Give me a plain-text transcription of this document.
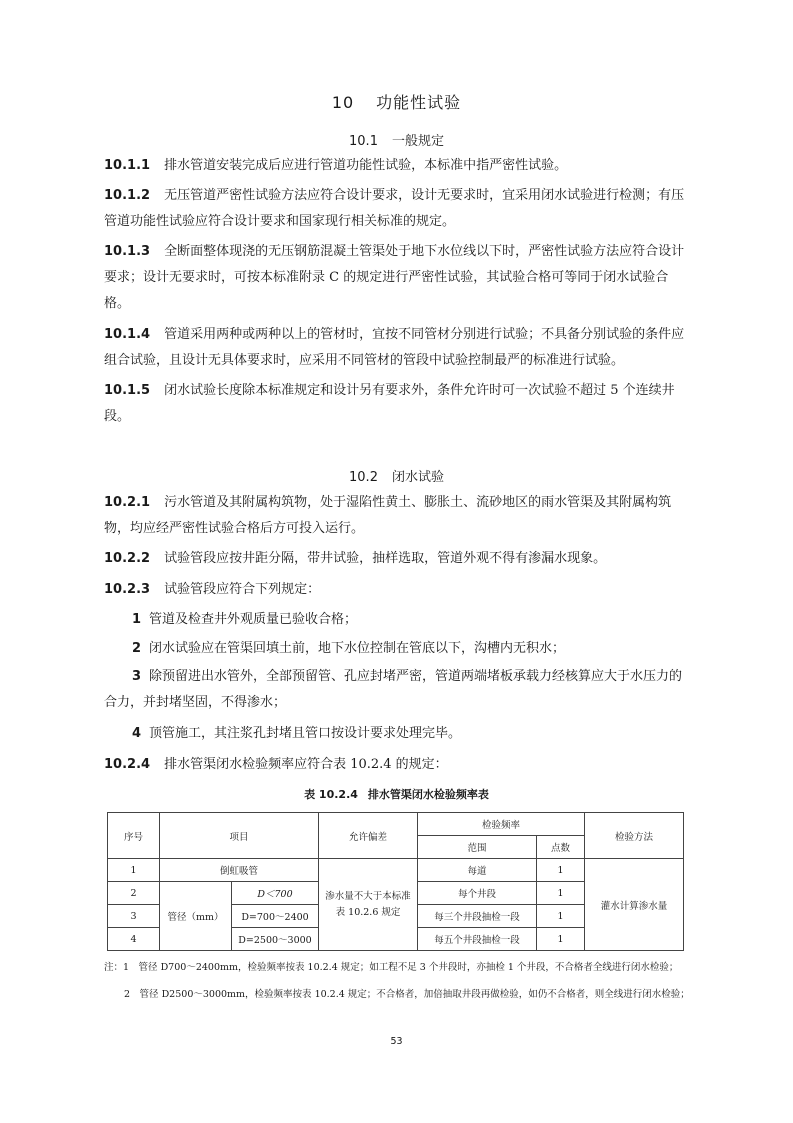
10 功能性试验
10.1 一般规定

10.1.1 排水管道安装完成后应进行管道功能性试验，本标准中指严密性试验。

10.1.2 无压管道严密性试验方法应符合设计要求，设计无要求时，宜采用闭水试验进行检测；有压管道功能性试验应符合设计要求和国家现行相关标准的规定。

10.1.3 全断面整体现浇的无压钢筋混凝土管渠处于地下水位线以下时，严密性试验方法应符合设计要求；设计无要求时，可按本标准附录 C 的规定进行严密性试验，其试验合格可等同于闭水试验合格。

10.1.4 管道采用两种或两种以上的管材时，宜按不同管材分别进行试验；不具备分别试验的条件应组合试验，且设计无具体要求时，应采用不同管材的管段中试验控制最严的标准进行试验。

10.1.5 闭水试验长度除本标准规定和设计另有要求外，条件允许时可一次试验不超过 5 个连续井段。

10.2 闭水试验

10.2.1 污水管道及其附属构筑物，处于湿陷性黄土、膨胀土、流砂地区的雨水管渠及其附属构筑物，均应经严密性试验合格后方可投入运行。

10.2.2 试验管段应按井距分隔，带井试验，抽样选取，管道外观不得有渗漏水现象。

10.2.3 试验管段应符合下列规定：

1 管道及检查井外观质量已验收合格；

2 闭水试验应在管渠回填土前，地下水位控制在管底以下，沟槽内无积水；

3 除预留进出水管外，全部预留管、孔应封堵严密，管道两端堵板承载力经核算应大于水压力的合力，并封堵坚固，不得渗水；

4 顶管施工，其注浆孔封堵且管口按设计要求处理完毕。

10.2.4 排水管渠闭水检验频率应符合表 10.2.4 的规定：

表 10.2.4 排水管渠闭水检验频率表
序号	项目		允许偏差	检验频率		检验方法
				范围	点数	
1	倒虹吸管		渗水量不大于本标准表 10.2.6 规定	每道	1	灌水计算渗水量
2	管径（mm）	D＜700		每个井段	1	
3		D=700～2400		每三个井段抽检一段	1	
4		D=2500～3000		每五个井段抽检一段	1	

注：1　管径 D700～2400mm，检验频率按表 10.2.4 规定；如工程不足 3 个井段时，亦抽检 1 个井段，不合格者全线进行闭水检验；

2　管径 D2500～3000mm，检验频率按表 10.2.4 规定；不合格者，加倍抽取井段再做检验，如仍不合格者，则全线进行闭水检验；

53
